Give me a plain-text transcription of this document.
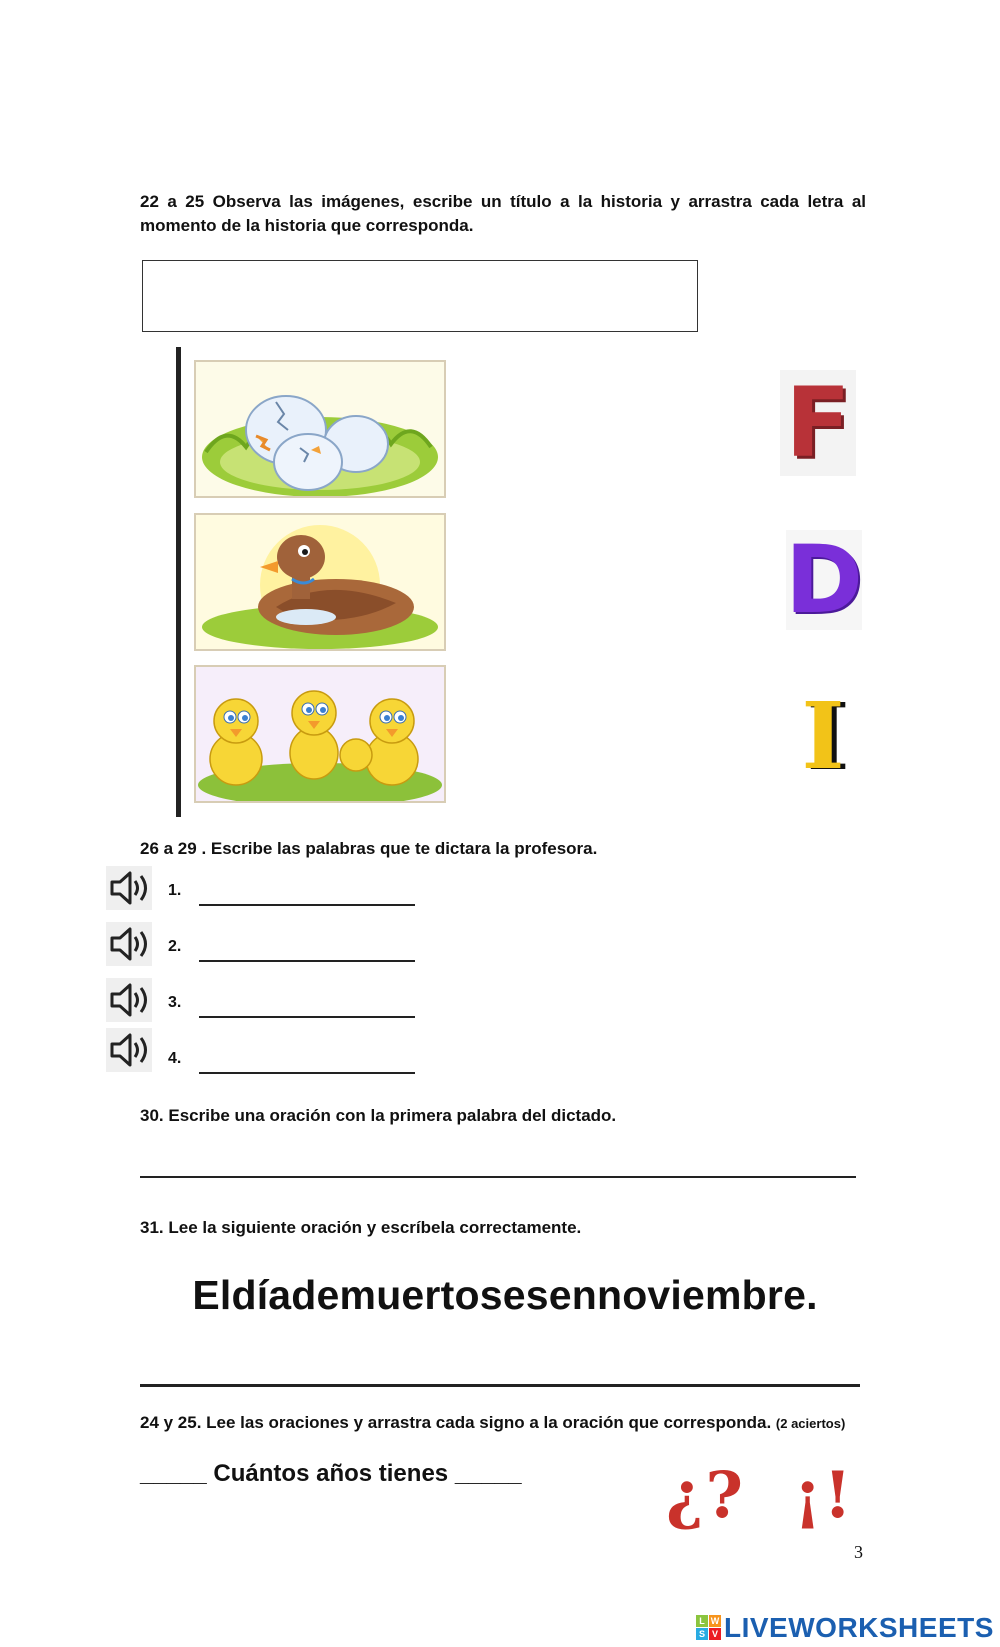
22 a 25 Observa las imágenes, escribe un título a la historia y arrastra cada letra al momento de la historia que corresponda.
F
D
I
26 a 29 . Escribe las palabras que te dictara la profesora.
1.
2.
3.
4.
30. Escribe una oración con la primera palabra del dictado.
31. Lee la siguiente oración y escríbela correctamente.
Eldíademuertosesennoviembre.
24 y 25. Lee las oraciones y arrastra cada signo a la oración que corresponda. (2 aciertos)
_____ Cuántos años tienes _____	¿?  ¡!
3
L W
S V LIVEWORKSHEETS
